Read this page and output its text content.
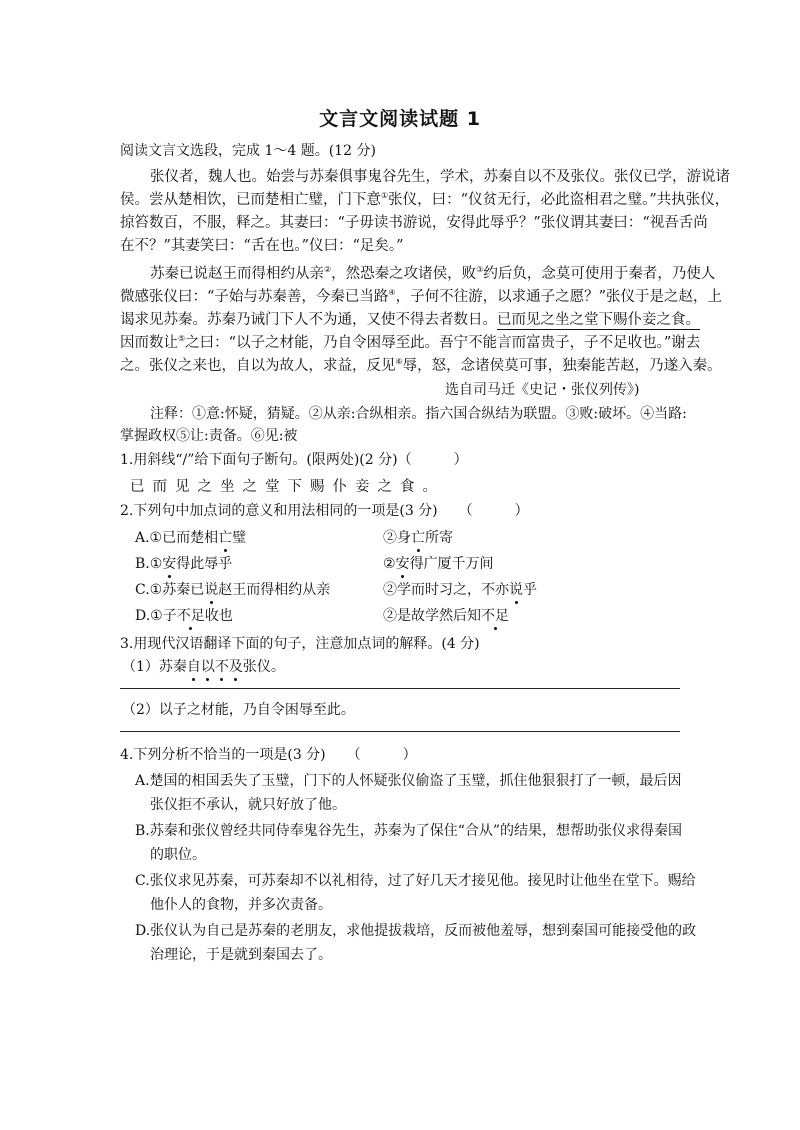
文言文阅读试题 1
阅读文言文选段，完成 1～4 题。(12 分)
张仪者，魏人也。始尝与苏秦俱事鬼谷先生，学术，苏秦自以不及张仪。张仪已学，游说诸
侯。尝从楚相饮，已而楚相亡璧，门下意①张仪，曰：“仪贫无行，必此盗相君之璧。”共执张仪，
掠笞数百，不服，释之。其妻曰：“子毋读书游说，安得此辱乎？”张仪谓其妻曰：“视吾舌尚
在不？”其妻笑曰：“舌在也。”仪曰：“足矣。”
苏秦已说赵王而得相约从亲②，然恐秦之攻诸侯，败③约后负，念莫可使用于秦者，乃使人
微感张仪曰：“子始与苏秦善，今秦已当路④，子何不往游，以求通子之愿？”张仪于是之赵，上
谒求见苏秦。苏秦乃诫门下人不为通，又使不得去者数日。已而见之坐之堂下赐仆妾之食。
因而数让⑤之曰：“以子之材能，乃自令困辱至此。吾宁不能言而富贵子，子不足收也。”谢去
之。张仪之来也，自以为故人，求益，反见⑥辱，怒，念诸侯莫可事，独秦能苦赵，乃遂入秦。
选自司马迁《史记・张仪列传》)
注释：①意:怀疑，猜疑。②从亲:合纵相亲。指六国合纵结为联盟。③败:破坏。④当路:
掌握政权⑤让:责备。⑥见:被
1.用斜线“/”给下面句子断句。(限两处)(2 分)（　　　）
已而见之坐之堂下赐仆妾之食。
2.下列句中加点词的意义和用法相同的一项是(3 分)　　（　　　）
A.①已而楚相亡璧	②身亡所寄
B.①安得此辱乎	②安得广厦千万间
C.①苏秦已说赵王而得相约从亲	②学而时习之，不亦说乎
D.①子不足收也	②是故学然后知不足
3.用现代汉语翻译下面的句子，注意加点词的解释。(4 分)
（1）苏秦自以不及张仪。
（2）以子之材能，乃自令困辱至此。
4.下列分析不恰当的一项是(3 分)　　（　　　）
A.楚国的相国丢失了玉璧，门下的人怀疑张仪偷盗了玉璧，抓住他狠狠打了一顿，最后因
张仪拒不承认，就只好放了他。
B.苏秦和张仪曾经共同侍奉鬼谷先生，苏秦为了保住“合从”的结果，想帮助张仪求得秦国
的职位。
C.张仪求见苏秦，可苏秦却不以礼相待，过了好几天才接见他。接见时让他坐在堂下。赐给
他仆人的食物，并多次责备。
D.张仪认为自己是苏秦的老朋友，求他提拔栽培，反而被他羞辱，想到秦国可能接受他的政
治理论，于是就到秦国去了。
